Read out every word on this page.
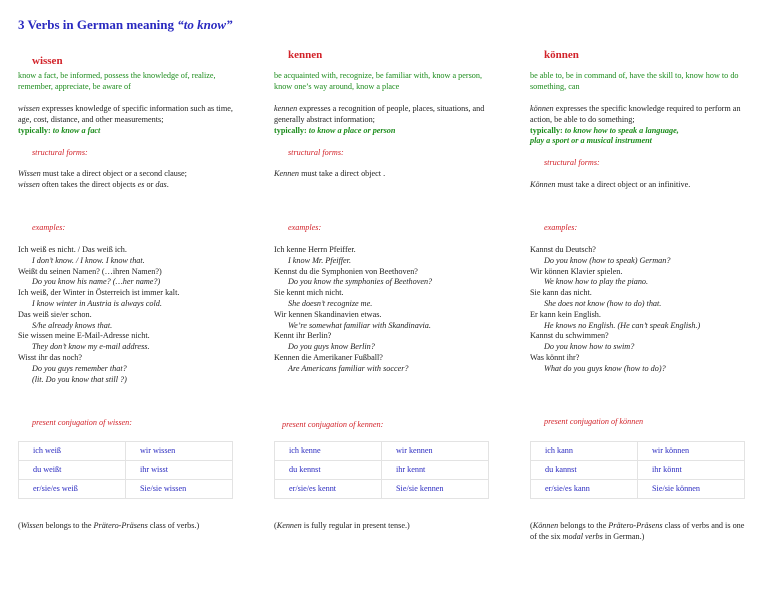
3 Verbs in German meaning “to know”
wissen
know a fact, be informed, possess the knowledge of, realize, remember, appreciate, be aware of
wissen expresses knowledge of specific information such as time, age, cost, distance, and other measurements;
typically: to know a fact
structural forms:
Wissen must take a direct object or a second clause;
wissen often takes the direct objects es or das.
examples:
Ich weiß es nicht. / Das weiß ich.
I don’t know. / I know. I know that.
Weißt du seinen Namen? (…ihren Namen?)
Do you know his name? (…her name?)
Ich weiß, der Winter in Österreich ist immer kalt.
I know winter in Austria is always cold.
Das weiß sie/er schon.
S/he already knows that.
Sie wissen meine E-Mail-Adresse nicht.
They don’t know my e-mail address.
Wisst ihr das noch?
Do you guys remember that?
(lit. Do you know that still ?)
present conjugation of wissen:
ich weiß	wir wissen
du weißt	ihr wisst
er/sie/es weiß	Sie/sie wissen
(Wissen belongs to the Prätero-Präsens class of verbs.)
kennen
be acquainted with, recognize, be familiar with, know a person, know one’s way around, know a place
kennen expresses a recognition of people, places, situations, and generally abstract information;
typically: to know a place or person
structural forms:
Kennen must take a direct object .
examples:
Ich kenne Herrn Pfeiffer.
I know Mr. Pfeiffer.
Kennst du die Symphonien von Beethoven?
Do you know the symphonies of Beethoven?
Sie kennt mich nicht.
She doesn’t recognize me.
Wir kennen Skandinavien etwas.
We’re somewhat familiar with Skandinavia.
Kennt ihr Berlin?
Do you guys know Berlin?
Kennen die Amerikaner Fußball?
Are Americans familiar with soccer?
present conjugation of kennen:
ich kenne	wir kennen
du kennst	ihr kennt
er/sie/es kennt	Sie/sie kennen
(Kennen is fully regular in present tense.)
können
be able to, be in command of, have the skill to, know how to do something, can
können expresses the specific knowledge required to perform an action, be able to do something;
typically: to know how to speak a language,
play a sport or a musical instrument
structural forms:
Können must take a direct object or an infinitive.
examples:
Kannst du Deutsch?
Do you know (how to speak) German?
Wir können Klavier spielen.
We know how to play the piano.
Sie kann das nicht.
She does not know (how to do) that.
Er kann kein English.
He knows no English. (He can’t speak English.)
Kannst du schwimmen?
Do you know how to swim?
Was könnt ihr?
What do you guys know (how to do)?
present conjugation of können
ich kann	wir können
du kannst	ihr könnt
er/sie/es kann	Sie/sie können
(Können belongs to the Prätero-Präsens class of verbs and is one of the six modal verbs in German.)
